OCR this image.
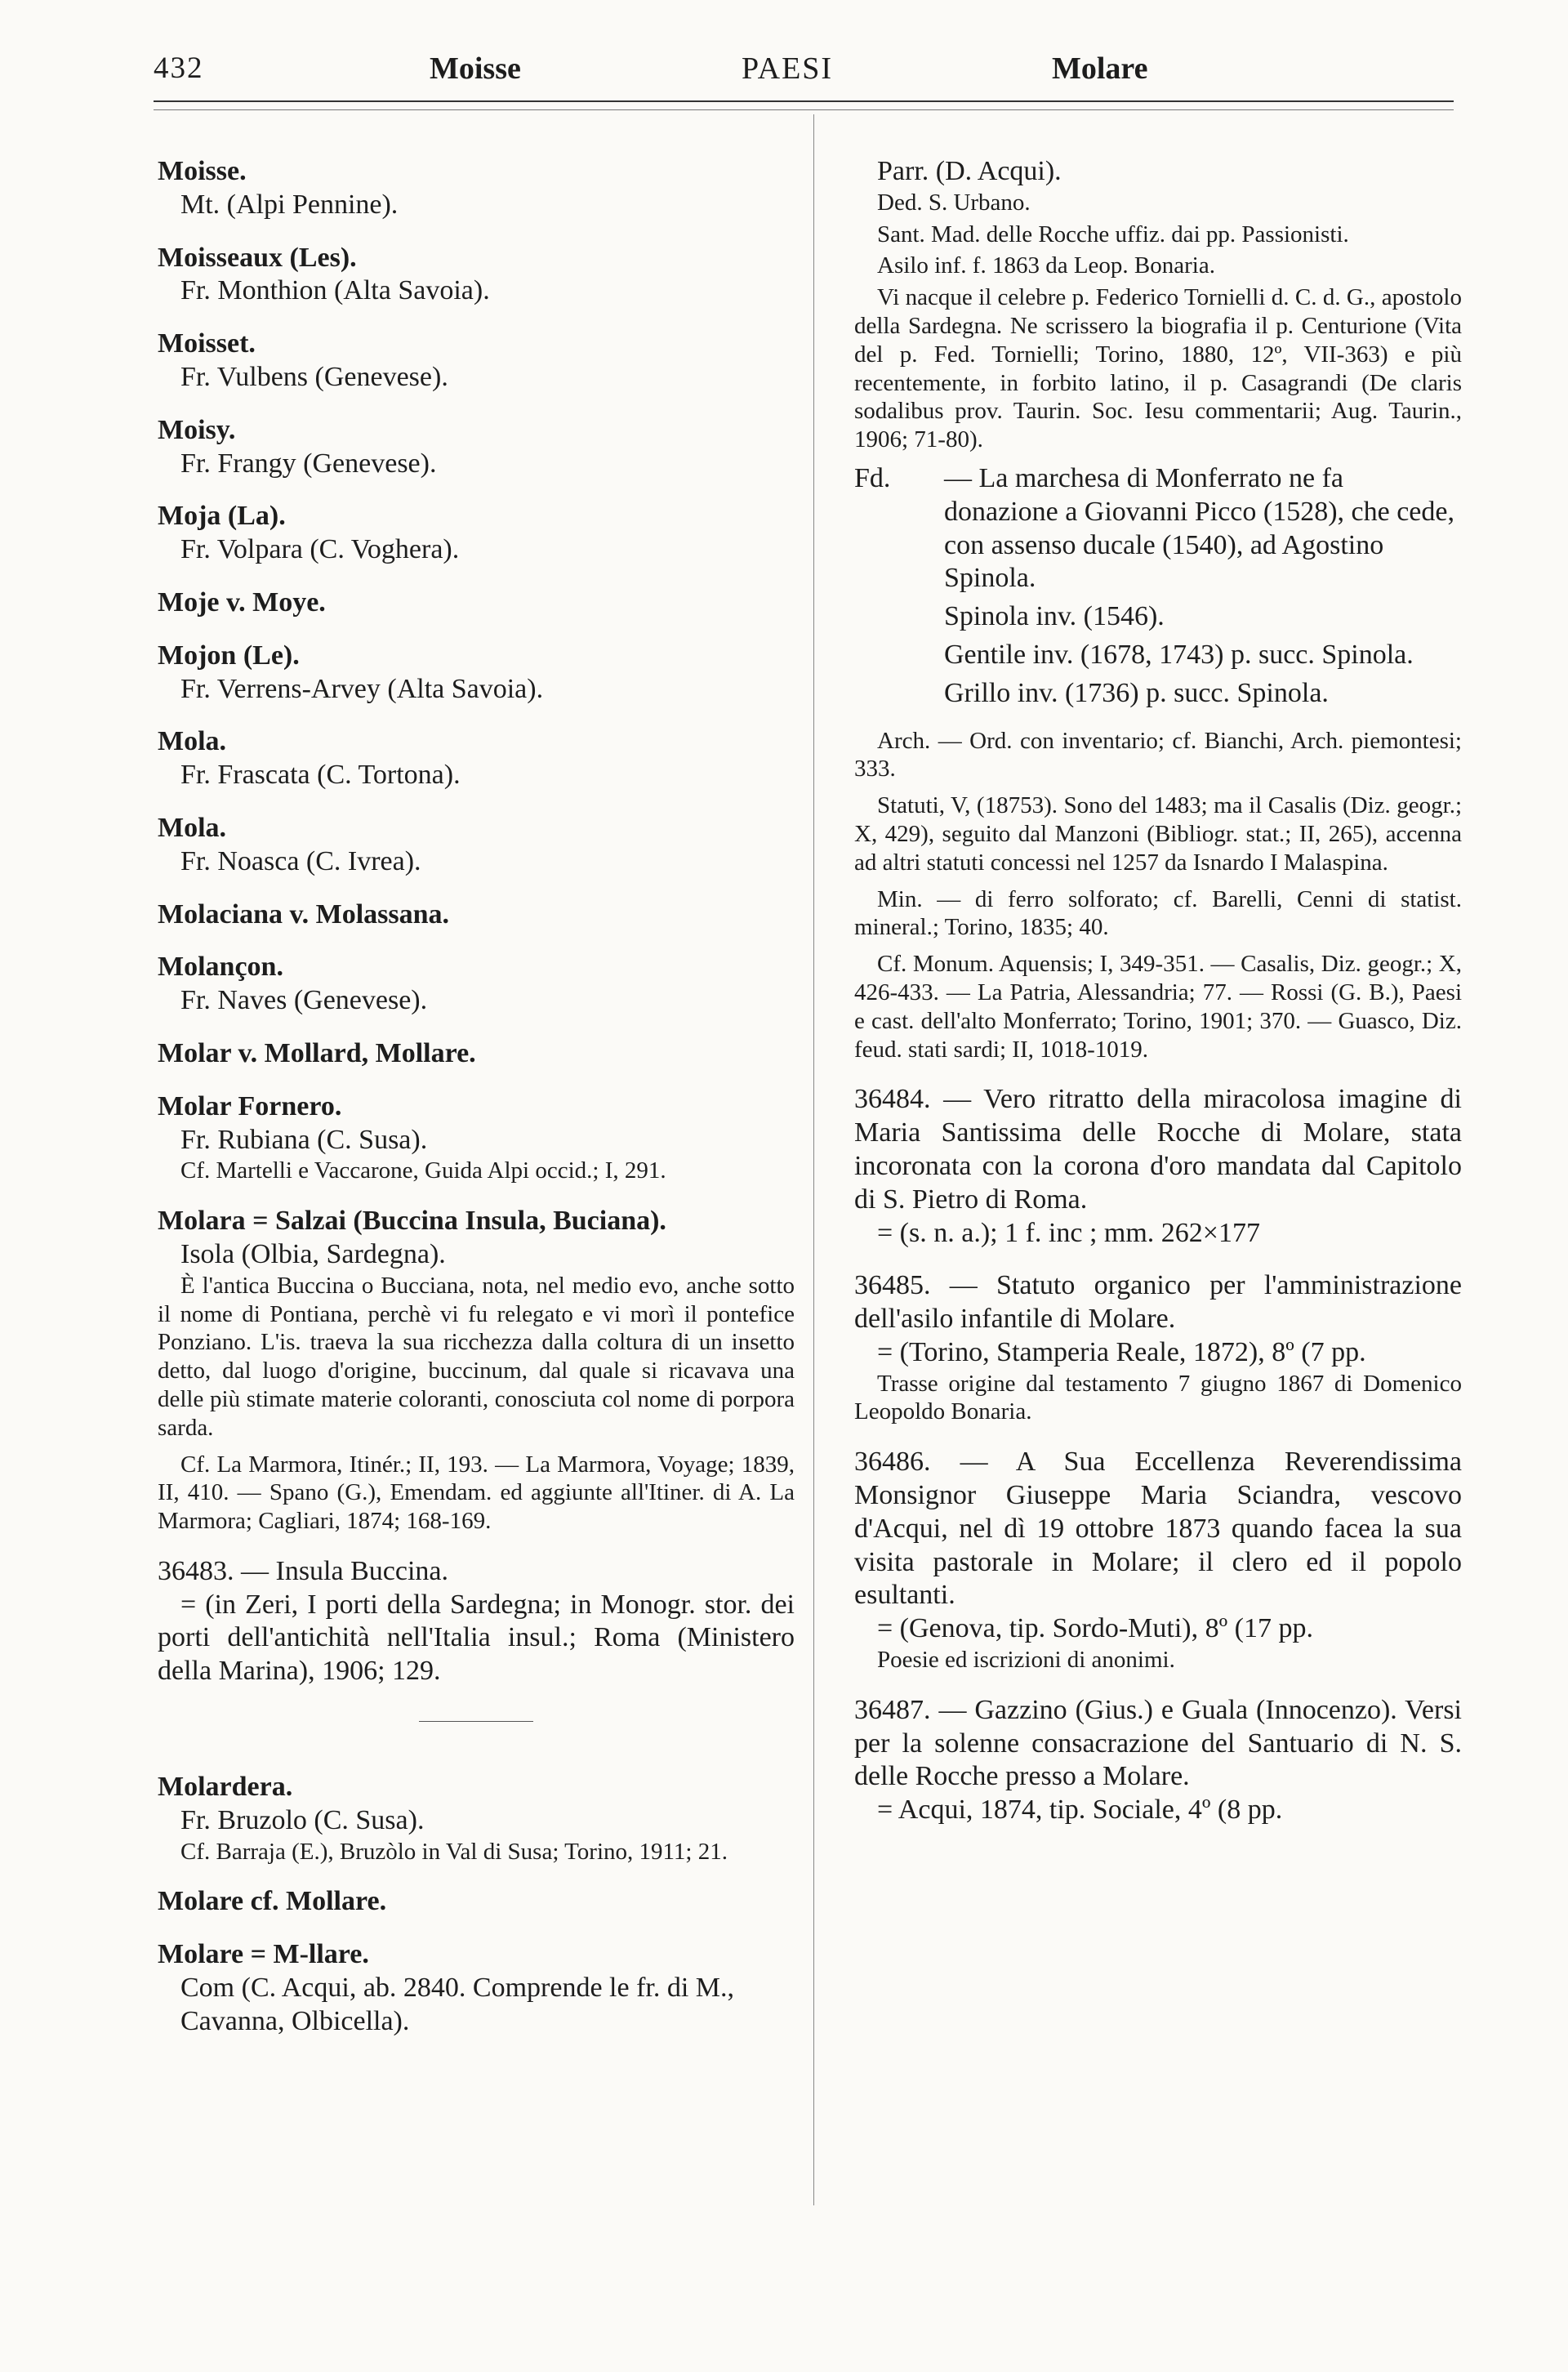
432	Moisse	PAESI	Molare

Moisse.

Mt. (Alpi Pennine).

Moisseaux (Les).

Fr. Monthion (Alta Savoia).

Moisset.

Fr. Vulbens (Genevese).

Moisy.

Fr. Frangy (Genevese).

Moja (La).

Fr. Volpara (C. Voghera).

Moje v. Moye.

Mojon (Le).

Fr. Verrens-Arvey (Alta Savoia).

Mola.

Fr. Frascata (C. Tortona).

Mola.

Fr. Noasca (C. Ivrea).

Molaciana v. Molassana.

Molançon.

Fr. Naves (Genevese).

Molar v. Mollard, Mollare.

Molar Fornero.

Fr. Rubiana (C. Susa).

Cf. Martelli e Vaccarone, Guida Alpi occid.; I, 291.

Molara = Salzai (Buccina Insula, Buciana).

Isola (Olbia, Sardegna).

È l'antica Buccina o Bucciana, nota, nel medio evo, anche sotto il nome di Pontiana, perchè vi fu relegato e vi morì il pontefice Ponziano. L'is. traeva la sua ricchezza dalla coltura di un insetto detto, dal luogo d'origine, buccinum, dal quale si ricavava una delle più stimate materie coloranti, conosciuta col nome di porpora sarda.

Cf. La Marmora, Itinér.; II, 193. — La Marmora, Voyage; 1839, II, 410. — Spano (G.), Emendam. ed aggiunte all'Itiner. di A. La Marmora; Cagliari, 1874; 168-169.

36483. — Insula Buccina.

= (in Zeri, I porti della Sardegna; in Monogr. stor. dei porti dell'antichità nell'Italia insul.; Roma (Ministero della Marina), 1906; 129.

Molardera.

Fr. Bruzolo (C. Susa).

Cf. Barraja (E.), Bruzòlo in Val di Susa; Torino, 1911; 21.

Molare cf. Mollare.

Molare = M-llare.

Com (C. Acqui, ab. 2840. Comprende le fr. di M., Cavanna, Olbicella).

Parr. (D. Acqui).

Ded. S. Urbano.

Sant. Mad. delle Rocche uffiz. dai pp. Passionisti.

Asilo inf. f. 1863 da Leop. Bonaria.

Vi nacque il celebre p. Federico Tornielli d. C. d. G., apostolo della Sardegna. Ne scrissero la biografia il p. Centurione (Vita del p. Fed. Tornielli; Torino, 1880, 12º, VII-363) e più recentemente, in forbito latino, il p. Casagrandi (De claris sodalibus prov. Taurin. Soc. Iesu commentarii; Aug. Taurin., 1906; 71-80).

Fd.	— La marchesa di Monferrato ne fa donazione a Giovanni Picco (1528), che cede, con assenso ducale (1540), ad Agostino Spinola.

Spinola inv. (1546).

Gentile inv. (1678, 1743) p. succ. Spinola.

Grillo inv. (1736) p. succ. Spinola.

Arch. — Ord. con inventario; cf. Bianchi, Arch. piemontesi; 333.

Statuti, V, (18753). Sono del 1483; ma il Casalis (Diz. geogr.; X, 429), seguito dal Manzoni (Bibliogr. stat.; II, 265), accenna ad altri statuti concessi nel 1257 da Isnardo I Malaspina.

Min. — di ferro solforato; cf. Barelli, Cenni di statist. mineral.; Torino, 1835; 40.

Cf. Monum. Aquensis; I, 349-351. — Casalis, Diz. geogr.; X, 426-433. — La Patria, Alessandria; 77. — Rossi (G. B.), Paesi e cast. dell'alto Monferrato; Torino, 1901; 370. — Guasco, Diz. feud. stati sardi; II, 1018-1019.

36484. — Vero ritratto della miracolosa imagine di Maria Santissima delle Rocche di Molare, stata incoronata con la corona d'oro mandata dal Capitolo di S. Pietro di Roma.

= (s. n. a.); 1 f. inc ; mm. 262×177

36485. — Statuto organico per l'amministrazione dell'asilo infantile di Molare.

= (Torino, Stamperia Reale, 1872), 8º (7 pp.

Trasse origine dal testamento 7 giugno 1867 di Domenico Leopoldo Bonaria.

36486. — A Sua Eccellenza Reverendissima Monsignor Giuseppe Maria Sciandra, vescovo d'Acqui, nel dì 19 ottobre 1873 quando facea la sua visita pastorale in Molare; il clero ed il popolo esultanti.

= (Genova, tip. Sordo-Muti), 8º (17 pp.

Poesie ed iscrizioni di anonimi.

36487. — Gazzino (Gius.) e Guala (Innocenzo). Versi per la solenne consacrazione del Santuario di N. S. delle Rocche presso a Molare.

= Acqui, 1874, tip. Sociale, 4º (8 pp.
